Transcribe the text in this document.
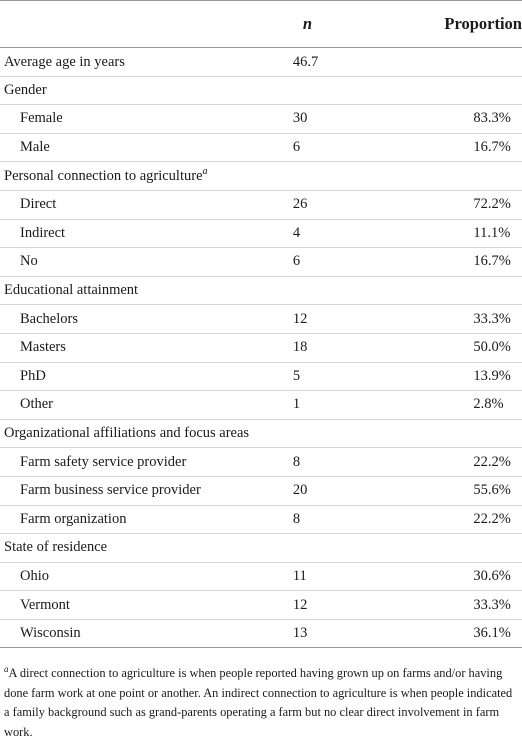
	n	Proportion
Average age in years	46.7	
Gender		
Female	30	83.3%
Male	6	16.7%
Personal connection to agriculture$^a$		
Direct	26	72.2%
Indirect	4	11.1%
No	6	16.7%
Educational attainment		
Bachelors	12	33.3%
Masters	18	50.0%
PhD	5	13.9%
Other	1	2.8%
Organizational affiliations and focus areas		
Farm safety service provider	8	22.2%
Farm business service provider	20	55.6%
Farm organization	8	22.2%
State of residence		
Ohio	11	30.6%
Vermont	12	33.3%
Wisconsin	13	36.1%
$^a$A direct connection to agriculture is when people reported having grown up on farms and/or having done farm work at one point or another. An indirect connection to agriculture is when people indicated a family background such as grand-parents operating a farm but no clear direct involvement in farm work.
